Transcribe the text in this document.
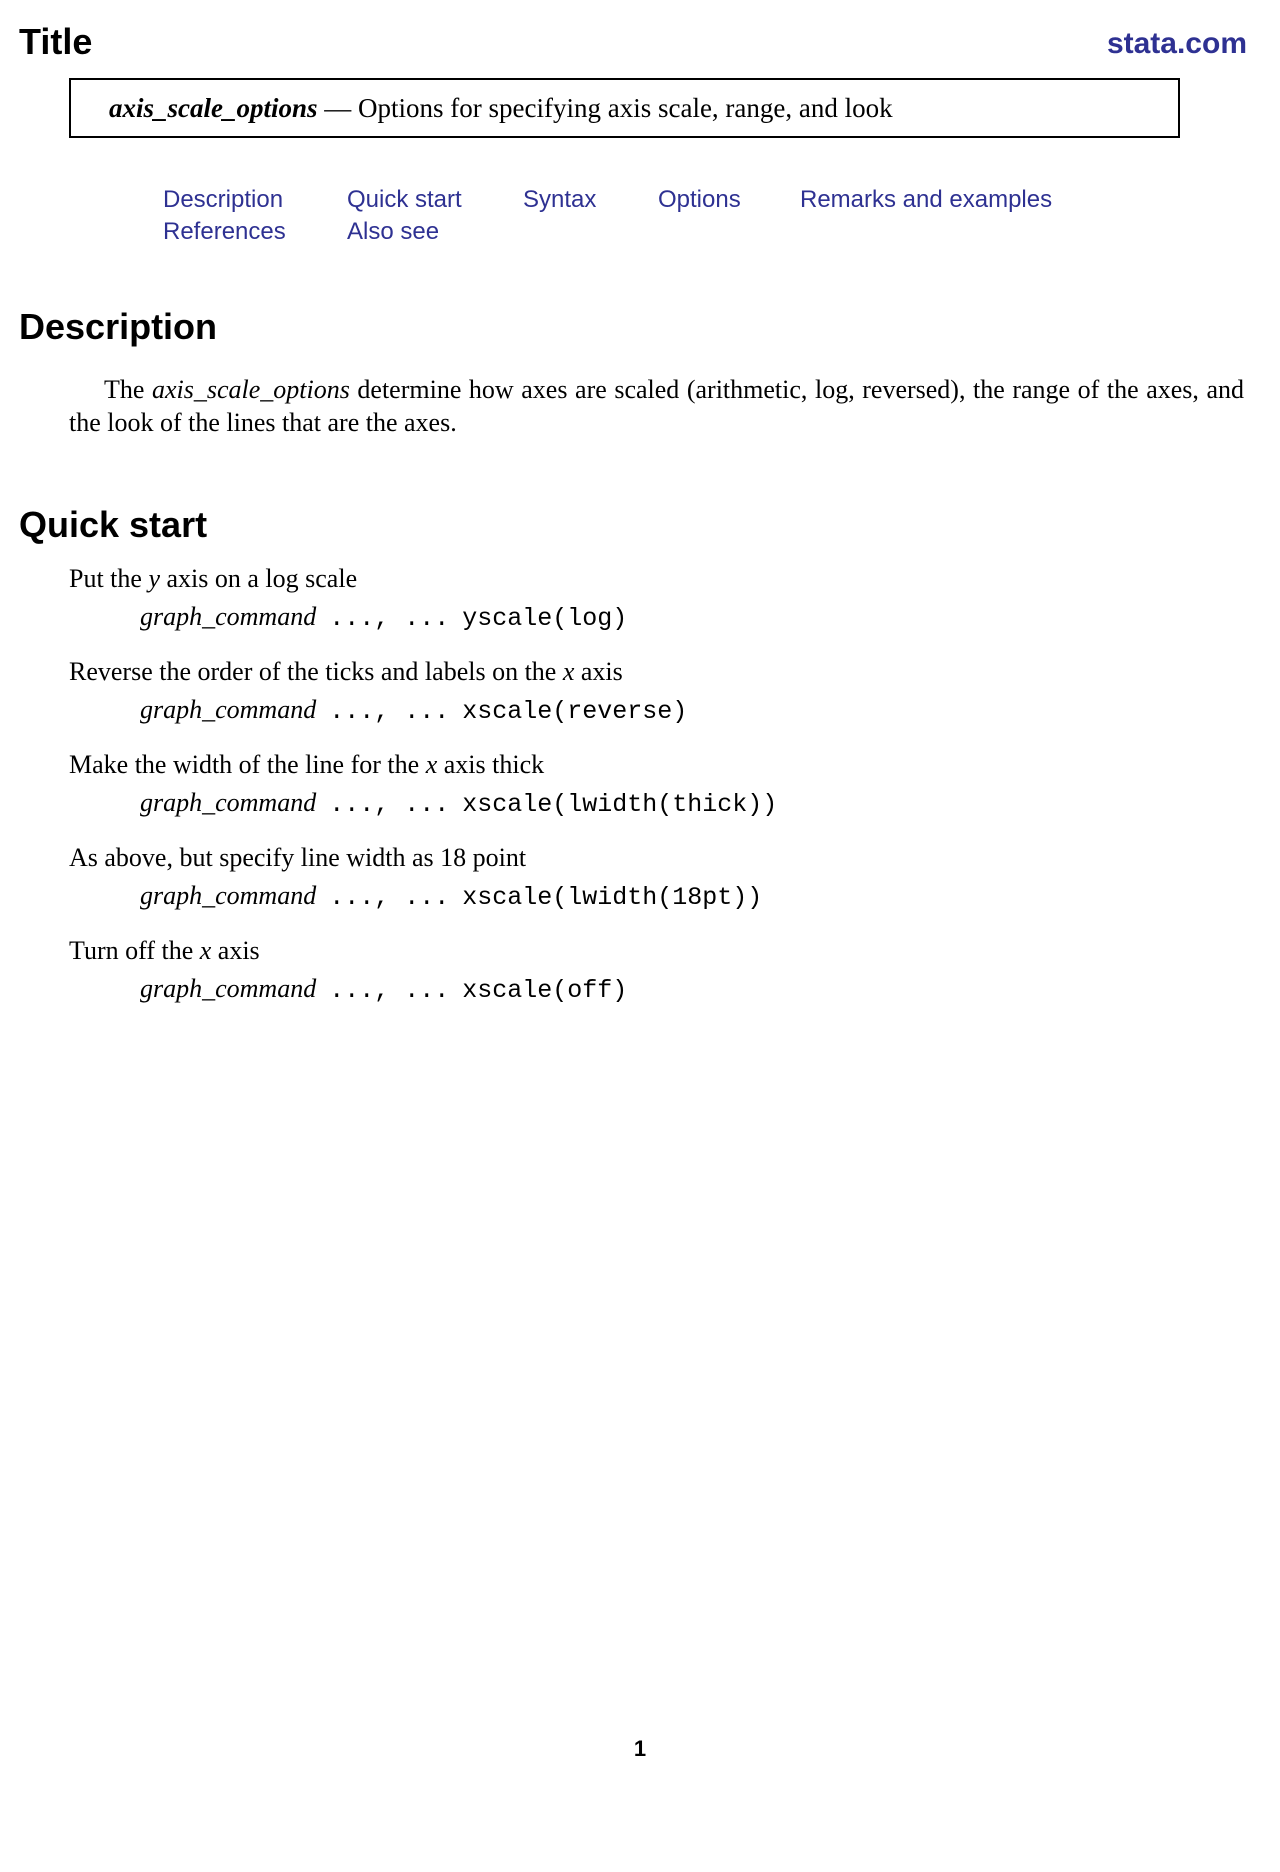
Title	stata.com
axis_scale_options
—
Options for specifying axis scale, range, and look
Description	Quick start	Syntax	Options Remarks and examples
References	Also see
Description

The axis_scale_options determine how axes are scaled (arithmetic, log, reversed), the range of the axes, and the look of the lines that are the axes.

Quick start
Put the y axis on a log scale
graph_command ..., ... yscale(log)
Reverse the order of the ticks and labels on the x axis
graph_command ..., ... xscale(reverse)
Make the width of the line for the x axis thick
graph_command ..., ... xscale(lwidth(thick))
As above, but specify line width as 18 point
graph_command ..., ... xscale(lwidth(18pt))
Turn off the x axis
graph_command ..., ... xscale(off)
1
